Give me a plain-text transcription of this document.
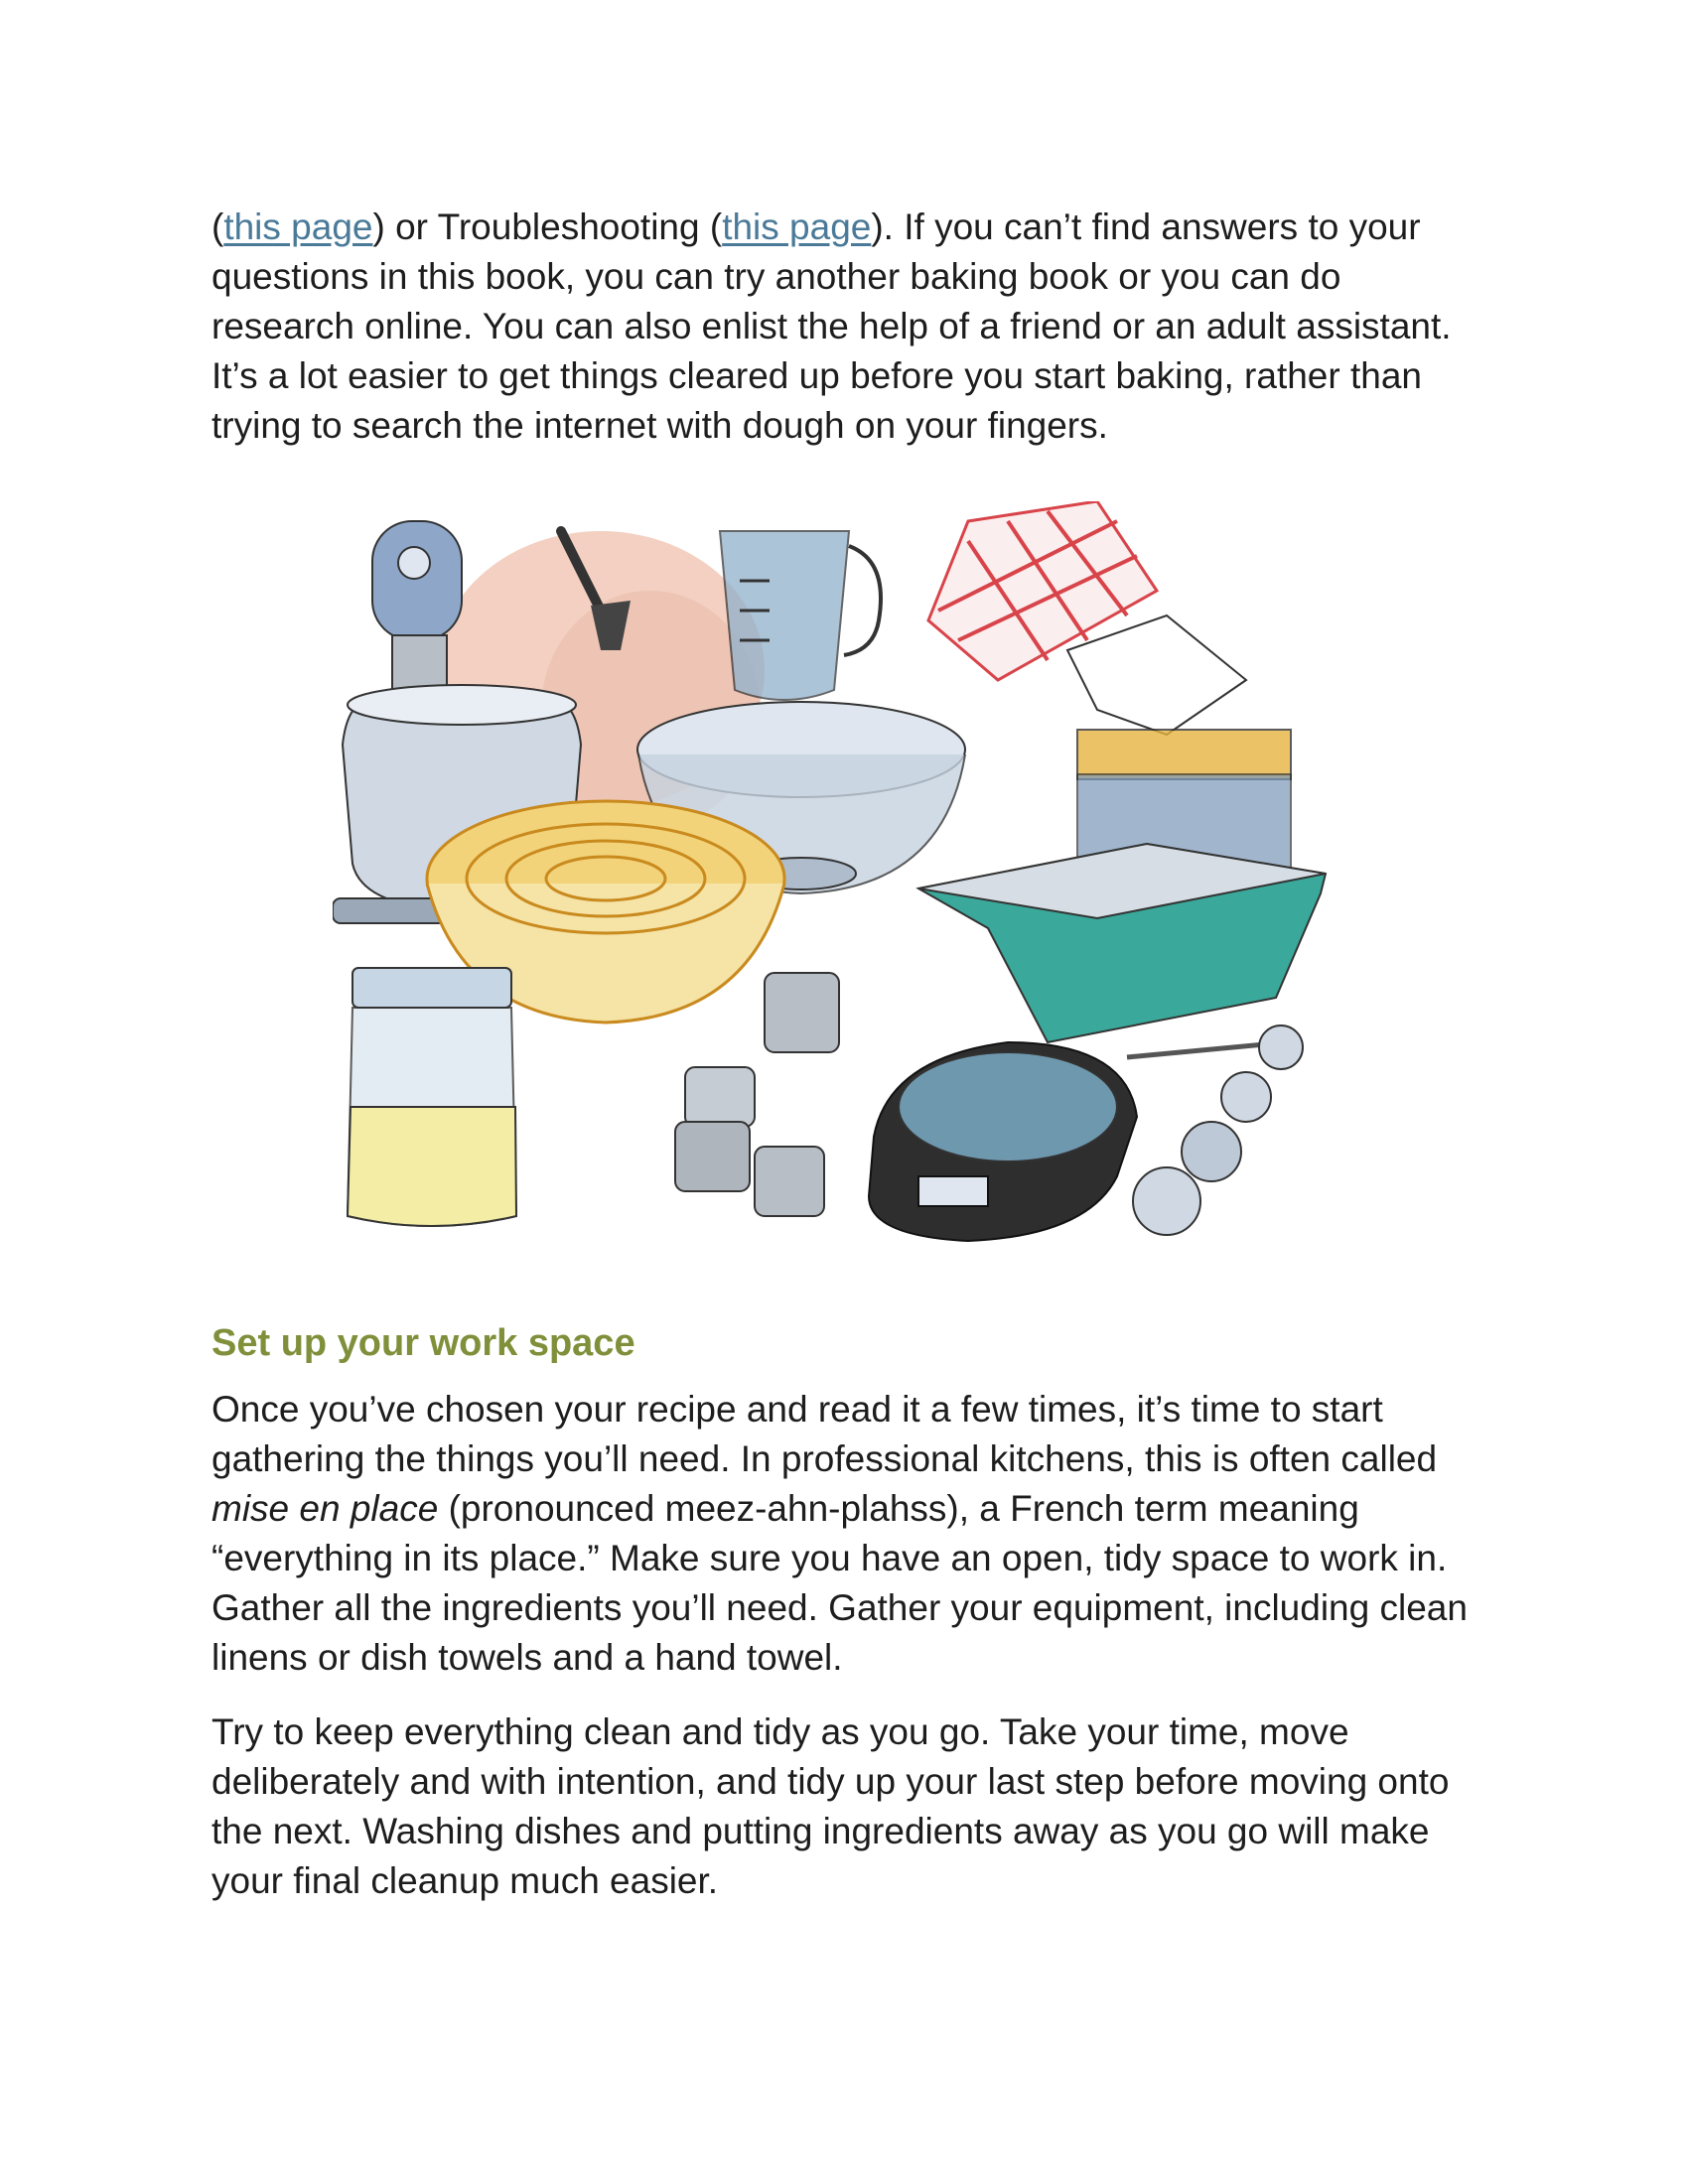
(this page) or Troubleshooting (this page). If you can’t find answers to your questions in this book, you can try another baking book or you can do research online. You can also enlist the help of a friend or an adult assistant. It’s a lot easier to get things cleared up before you start baking, rather than trying to search the internet with dough on your fingers.

Set up your work space

Once you’ve chosen your recipe and read it a few times, it’s time to start gathering the things you’ll need. In professional kitchens, this is often called mise en place (pronounced meez-ahn-plahss), a French term meaning “everything in its place.” Make sure you have an open, tidy space to work in. Gather all the ingredients you’ll need. Gather your equipment, including clean linens or dish towels and a hand towel.

Try to keep everything clean and tidy as you go. Take your time, move deliberately and with intention, and tidy up your last step before moving onto the next. Washing dishes and putting ingredients away as you go will make your final cleanup much easier.
